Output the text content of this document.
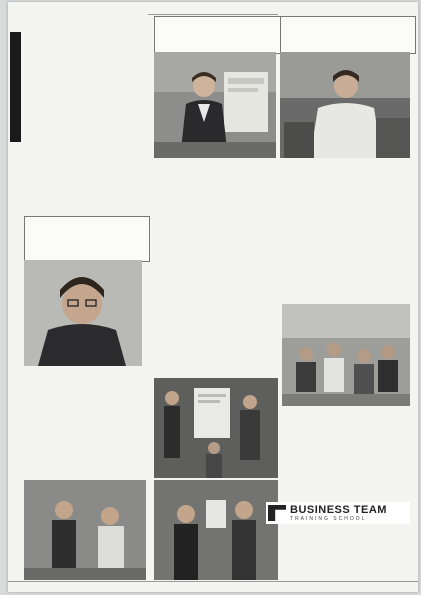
BUSINESS TEAM
TRAINING SCHOOL
